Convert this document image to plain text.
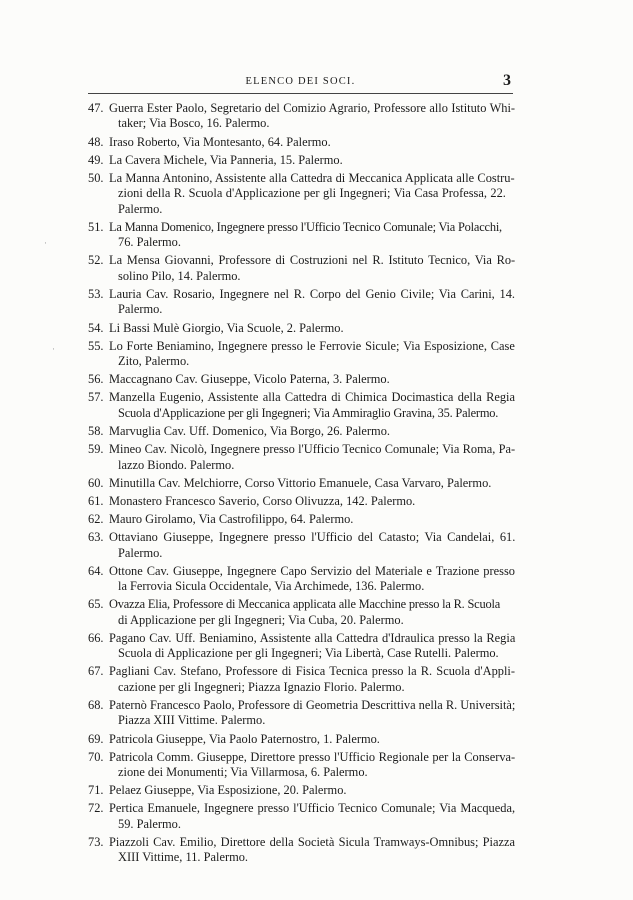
ELENCO DEI SOCI.	3
47. Guerra Ester Paolo, Segretario del Comizio Agrario, Professore allo Istituto Whi-
taker; Via Bosco, 16. Palermo.
48. Iraso Roberto, Via Montesanto, 64. Palermo.
49. La Cavera Michele, Via Panneria, 15. Palermo.
50. La Manna Antonino, Assistente alla Cattedra di Meccanica Applicata alle Costru-
zioni della R. Scuola d'Applicazione per gli Ingegneri; Via Casa Professa, 22.
Palermo.
51. La Manna Domenico, Ingegnere presso l'Ufficio Tecnico Comunale; Via Polacchi,
76. Palermo.
52. La Mensa Giovanni, Professore di Costruzioni nel R. Istituto Tecnico, Via Ro-
solino Pilo, 14. Palermo.
53. Lauria Cav. Rosario, Ingegnere nel R. Corpo del Genio Civile; Via Carini, 14.
Palermo.
54. Li Bassi Mulè Giorgio, Via Scuole, 2. Palermo.
55. Lo Forte Beniamino, Ingegnere presso le Ferrovie Sicule; Via Esposizione, Case
Zito, Palermo.
56. Maccagnano Cav. Giuseppe, Vicolo Paterna, 3. Palermo.
57. Manzella Eugenio, Assistente alla Cattedra di Chimica Docimastica della Regia
Scuola d'Applicazione per gli Ingegneri; Via Ammiraglio Gravina, 35. Palermo.
58. Marvuglia Cav. Uff. Domenico, Via Borgo, 26. Palermo.
59. Mineo Cav. Nicolò, Ingegnere presso l'Ufficio Tecnico Comunale; Via Roma, Pa-
lazzo Biondo. Palermo.
60. Minutilla Cav. Melchiorre, Corso Vittorio Emanuele, Casa Varvaro, Palermo.
61. Monastero Francesco Saverio, Corso Olivuzza, 142. Palermo.
62. Mauro Girolamo, Via Castrofilippo, 64. Palermo.
63. Ottaviano Giuseppe, Ingegnere presso l'Ufficio del Catasto; Via Candelai, 61.
Palermo.
64. Ottone Cav. Giuseppe, Ingegnere Capo Servizio del Materiale e Trazione presso
la Ferrovia Sicula Occidentale, Via Archimede, 136. Palermo.
65. Ovazza Elia, Professore di Meccanica applicata alle Macchine presso la R. Scuola
di Applicazione per gli Ingegneri; Via Cuba, 20. Palermo.
66. Pagano Cav. Uff. Beniamino, Assistente alla Cattedra d'Idraulica presso la Regia
Scuola di Applicazione per gli Ingegneri; Via Libertà, Case Rutelli. Palermo.
67. Pagliani Cav. Stefano, Professore di Fisica Tecnica presso la R. Scuola d'Appli-
cazione per gli Ingegneri; Piazza Ignazio Florio. Palermo.
68. Paternò Francesco Paolo, Professore di Geometria Descrittiva nella R. Università;
Piazza XIII Vittime. Palermo.
69. Patricola Giuseppe, Via Paolo Paternostro, 1. Palermo.
70. Patricola Comm. Giuseppe, Direttore presso l'Ufficio Regionale per la Conserva-
zione dei Monumenti; Via Villarmosa, 6. Palermo.
71. Pelaez Giuseppe, Via Esposizione, 20. Palermo.
72. Pertica Emanuele, Ingegnere presso l'Ufficio Tecnico Comunale; Via Macqueda,
59. Palermo.
73. Piazzoli Cav. Emilio, Direttore della Società Sicula Tramways-Omnibus; Piazza
XIII Vittime, 11. Palermo.
·
·
